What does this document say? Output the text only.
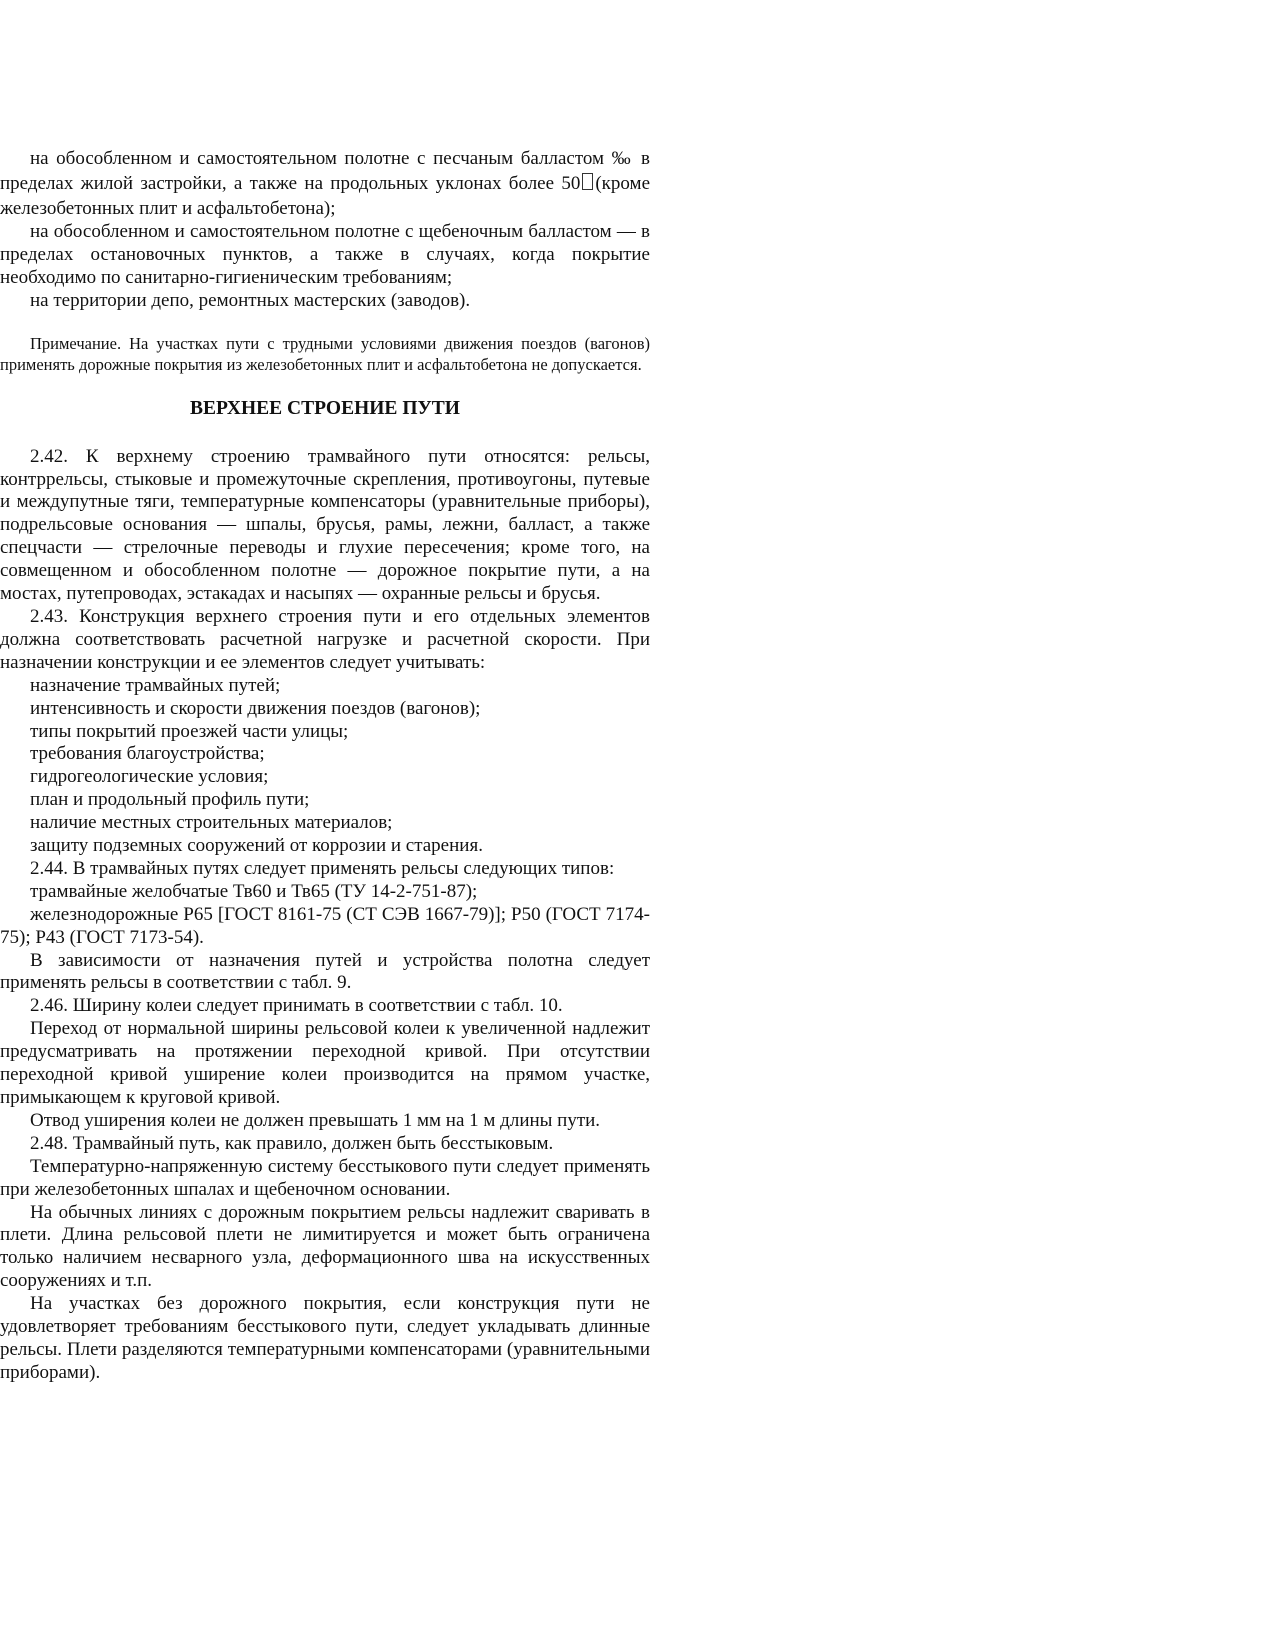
на обособленном и самостоятельном полотне с песчаным балластом ‰ в пределах жилой застройки, а также на продольных уклонах более 50 (кроме железобетонных плит и асфальтобетона);

на обособленном и самостоятельном полотне с щебеночным балластом — в пределах остановочных пунктов, а также в случаях, когда покрытие необходимо по санитарно-гигиеническим требованиям;

на территории депо, ремонтных мастерских (заводов).

Примечание. На участках пути с трудными условиями движения поездов (вагонов) применять дорожные покрытия из железобетонных плит и асфальтобетона не допускается.

ВЕРХНЕЕ СТРОЕНИЕ ПУТИ

2.42. К верхнему строению трамвайного пути относятся: рельсы, контррельсы, стыковые и промежуточные скрепления, противоугоны, путевые и междупутные тяги, температурные компенсаторы (уравнительные приборы), подрельсовые основания — шпалы, брусья, рамы, лежни, балласт, а также спецчасти — стрелочные переводы и глухие пересечения; кроме того, на совмещенном и обособленном полотне — дорожное покрытие пути, а на мостах, путепроводах, эстакадах и насыпях — охранные рельсы и брусья.

2.43. Конструкция верхнего строения пути и его отдельных элементов должна соответствовать расчетной нагрузке и расчетной скорости. При назначении конструкции и ее элементов следует учитывать:

назначение трамвайных путей;

интенсивность и скорости движения поездов (вагонов);

типы покрытий проезжей части улицы;

требования благоустройства;

гидрогеологические условия;

план и продольный профиль пути;

наличие местных строительных материалов;

защиту подземных сооружений от коррозии и старения.

2.44. В трамвайных путях следует применять рельсы следующих типов:

трамвайные желобчатые Тв60 и Тв65 (ТУ 14-2-751-87);

железнодорожные Р65 [ГОСТ 8161-75 (СТ СЭВ 1667-79)]; Р50 (ГОСТ 7174-75); Р43 (ГОСТ 7173-54).

В зависимости от назначения путей и устройства полотна следует применять рельсы в соответствии с табл. 9.

2.46. Ширину колеи следует принимать в соответствии с табл. 10.

Переход от нормальной ширины рельсовой колеи к увеличенной надлежит предусматривать на протяжении переходной кривой. При отсутствии переходной кривой уширение колеи производится на прямом участке, примыкающем к круговой кривой.

Отвод уширения колеи не должен превышать 1 мм на 1 м длины пути.

2.48. Трамвайный путь, как правило, должен быть бесстыковым.

Температурно-напряженную систему бесстыкового пути следует применять при железобетонных шпалах и щебеночном основании.

На обычных линиях с дорожным покрытием рельсы надлежит сваривать в плети. Длина рельсовой плети не лимитируется и может быть ограничена только наличием несварного узла, деформационного шва на искусственных сооружениях и т.п.

На участках без дорожного покрытия, если конструкция пути не удовлетворяет требованиям бесстыкового пути, следует укладывать длинные рельсы. Плети разделяются температурными компенсаторами (уравнительными приборами).
